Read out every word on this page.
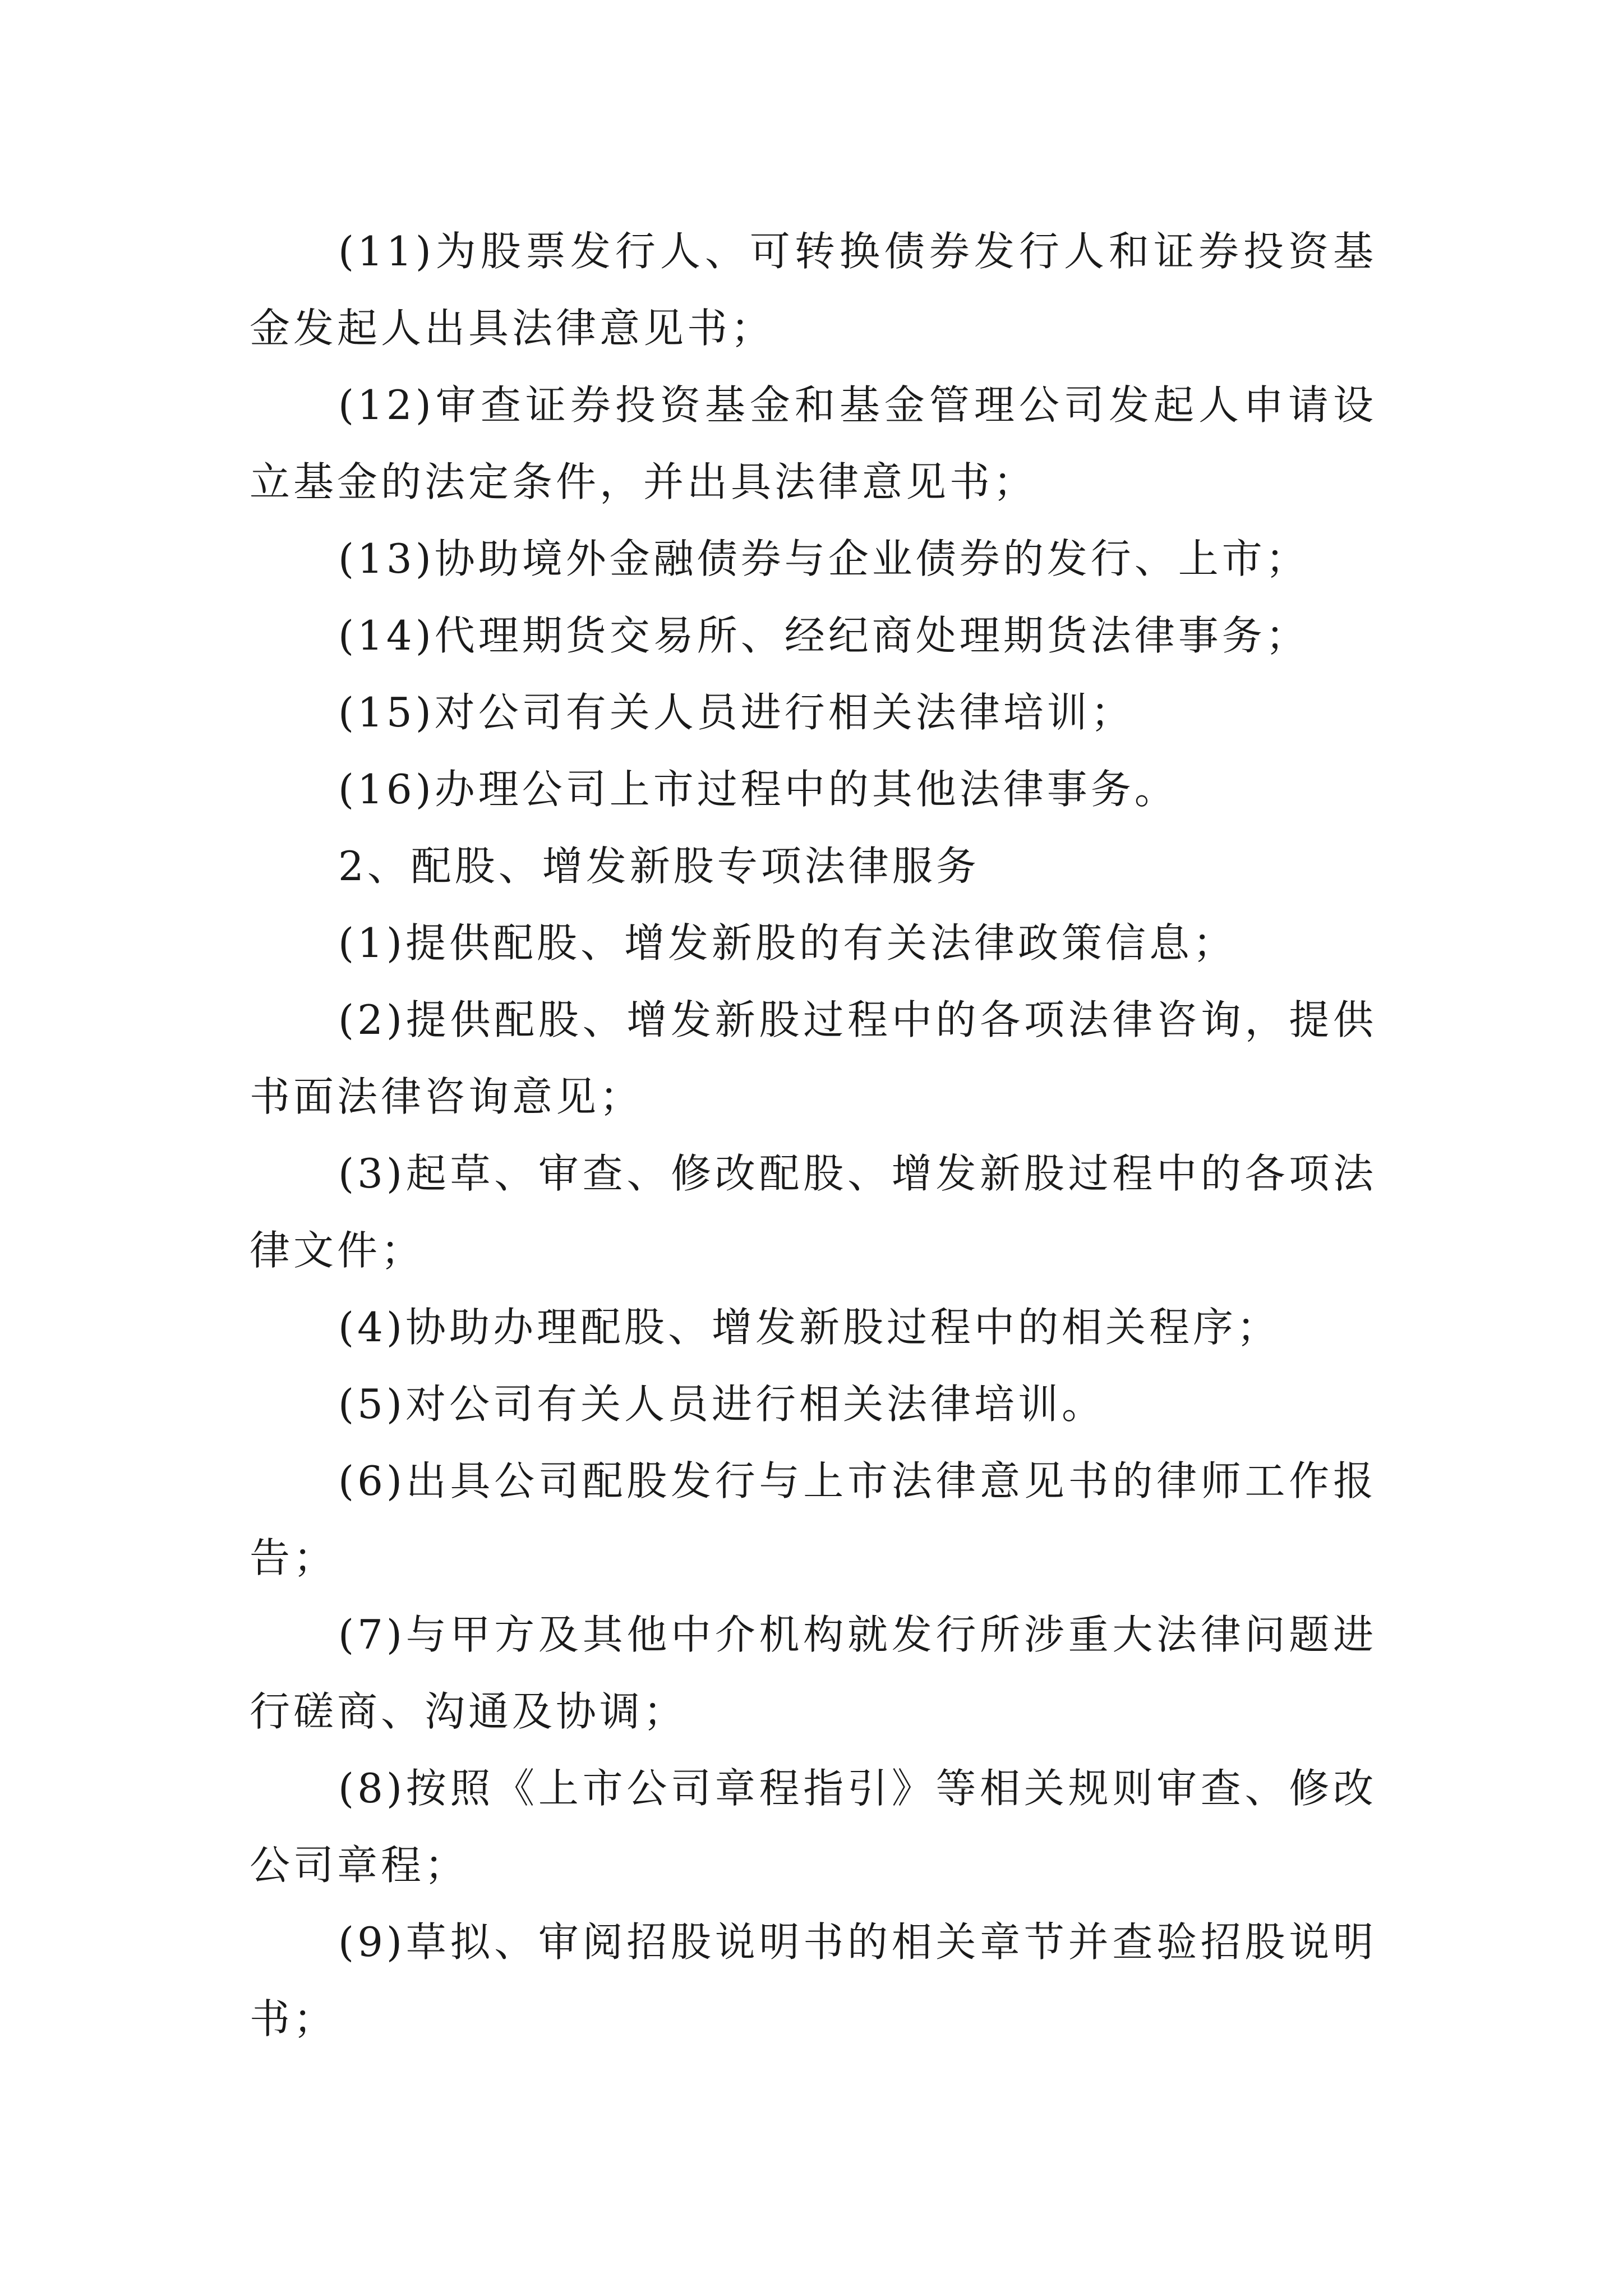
(11)为股票发行人、可转换债券发行人和证券投资基金发起人出具法律意见书；

(12)审查证券投资基金和基金管理公司发起人申请设立基金的法定条件，并出具法律意见书；

(13)协助境外金融债券与企业债券的发行、上市；

(14)代理期货交易所、经纪商处理期货法律事务；

(15)对公司有关人员进行相关法律培训；

(16)办理公司上市过程中的其他法律事务。

2、配股、增发新股专项法律服务

(1)提供配股、增发新股的有关法律政策信息；

(2)提供配股、增发新股过程中的各项法律咨询，提供书面法律咨询意见；

(3)起草、审查、修改配股、增发新股过程中的各项法律文件；

(4)协助办理配股、增发新股过程中的相关程序；

(5)对公司有关人员进行相关法律培训。

(6)出具公司配股发行与上市法律意见书的律师工作报告；

(7)与甲方及其他中介机构就发行所涉重大法律问题进行磋商、沟通及协调；

(8)按照《上市公司章程指引》等相关规则审查、修改公司章程；

(9)草拟、审阅招股说明书的相关章节并查验招股说明书；
